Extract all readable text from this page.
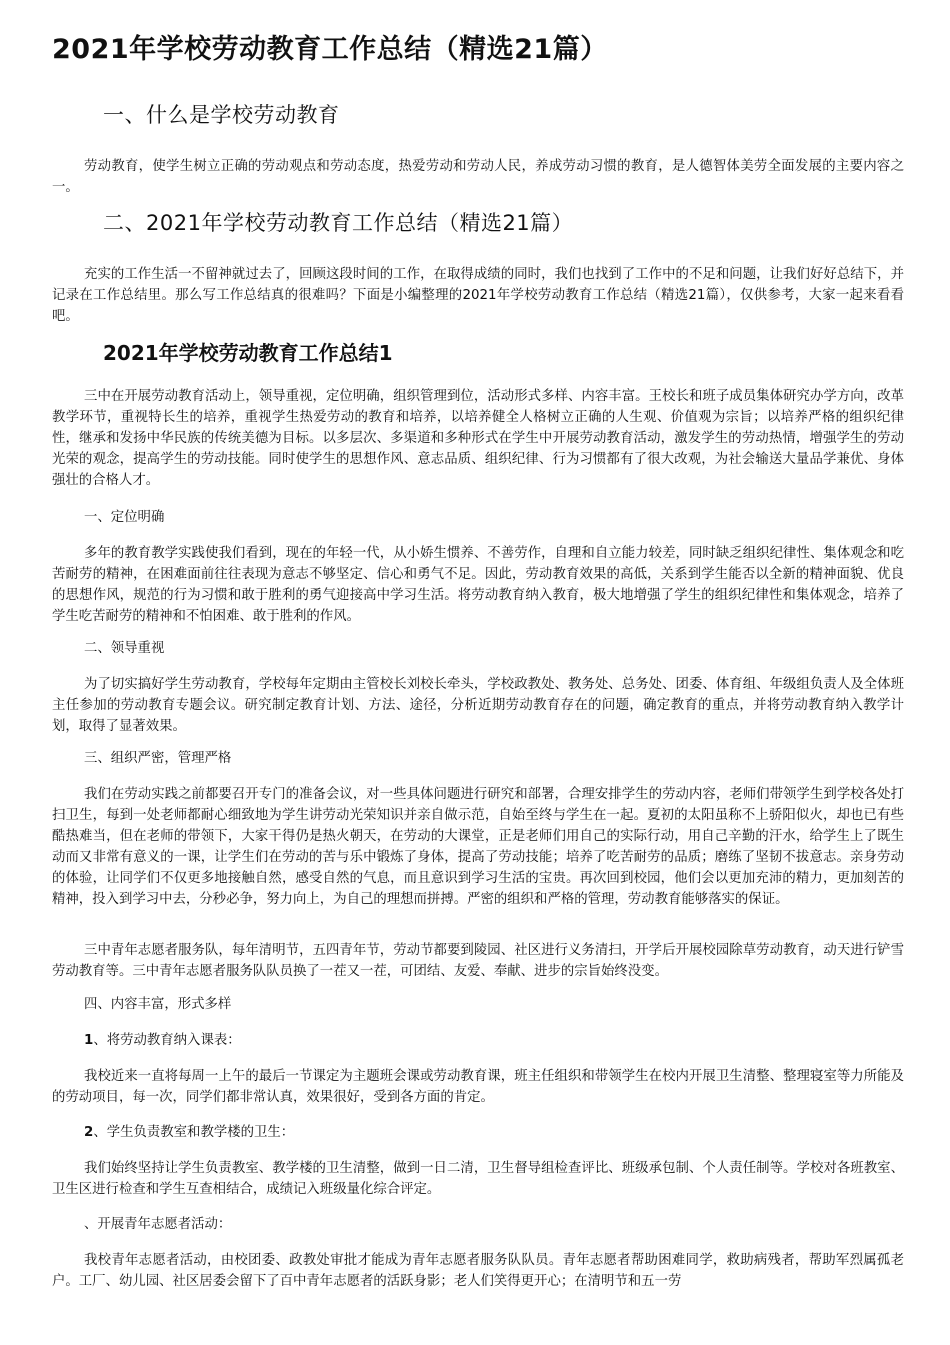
2021年学校劳动教育工作总结（精选21篇）
一、什么是学校劳动教育

劳动教育，使学生树立正确的劳动观点和劳动态度，热爱劳动和劳动人民，养成劳动习惯的教育，是人德智体美劳全面发展的主要内容之一。

二、2021年学校劳动教育工作总结（精选21篇）

充实的工作生活一不留神就过去了，回顾这段时间的工作，在取得成绩的同时，我们也找到了工作中的不足和问题，让我们好好总结下，并记录在工作总结里。那么写工作总结真的很难吗？下面是小编整理的2021年学校劳动教育工作总结（精选21篇），仅供参考，大家一起来看看吧。

2021年学校劳动教育工作总结1

三中在开展劳动教育活动上，领导重视，定位明确，组织管理到位，活动形式多样、内容丰富。王校长和班子成员集体研究办学方向，改革教学环节，重视特长生的培养，重视学生热爱劳动的教育和培养，以培养健全人格树立正确的人生观、价值观为宗旨；以培养严格的组织纪律性，继承和发扬中华民族的传统美德为目标。以多层次、多渠道和多种形式在学生中开展劳动教育活动，激发学生的劳动热情，增强学生的劳动光荣的观念，提高学生的劳动技能。同时使学生的思想作风、意志品质、组织纪律、行为习惯都有了很大改观，为社会输送大量品学兼优、身体强壮的合格人才。

一、定位明确

多年的教育教学实践使我们看到，现在的年轻一代，从小娇生惯养、不善劳作，自理和自立能力较差，同时缺乏组织纪律性、集体观念和吃苦耐劳的精神，在困难面前往往表现为意志不够坚定、信心和勇气不足。因此，劳动教育效果的高低，关系到学生能否以全新的精神面貌、优良的思想作风，规范的行为习惯和敢于胜利的勇气迎接高中学习生活。将劳动教育纳入教育，极大地增强了学生的组织纪律性和集体观念，培养了学生吃苦耐劳的精神和不怕困难、敢于胜利的作风。

二、领导重视

为了切实搞好学生劳动教育，学校每年定期由主管校长刘校长牵头，学校政教处、教务处、总务处、团委、体育组、年级组负责人及全体班主任参加的劳动教育专题会议。研究制定教育计划、方法、途径，分析近期劳动教育存在的问题，确定教育的重点，并将劳动教育纳入教学计划，取得了显著效果。

三、组织严密，管理严格

我们在劳动实践之前都要召开专门的准备会议，对一些具体问题进行研究和部署，合理安排学生的劳动内容，老师们带领学生到学校各处打扫卫生，每到一处老师都耐心细致地为学生讲劳动光荣知识并亲自做示范，自始至终与学生在一起。夏初的太阳虽称不上骄阳似火，却也已有些酷热难当，但在老师的带领下，大家干得仍是热火朝天，在劳动的大课堂，正是老师们用自己的实际行动，用自己辛勤的汗水，给学生上了既生动而又非常有意义的一课，让学生们在劳动的苦与乐中锻炼了身体，提高了劳动技能；培养了吃苦耐劳的品质；磨练了坚韧不拔意志。亲身劳动的体验，让同学们不仅更多地接触自然，感受自然的气息，而且意识到学习生活的宝贵。再次回到校园，他们会以更加充沛的精力，更加刻苦的精神，投入到学习中去，分秒必争，努力向上，为自己的理想而拼搏。严密的组织和严格的管理，劳动教育能够落实的保证。

三中青年志愿者服务队，每年清明节，五四青年节，劳动节都要到陵园、社区进行义务清扫，开学后开展校园除草劳动教育，动天进行铲雪劳动教育等。三中青年志愿者服务队队员换了一茬又一茬，可团结、友爱、奉献、进步的宗旨始终没变。

四、内容丰富，形式多样

1、将劳动教育纳入课表：

我校近来一直将每周一上午的最后一节课定为主题班会课或劳动教育课，班主任组织和带领学生在校内开展卫生清整、整理寝室等力所能及的劳动项目，每一次，同学们都非常认真，效果很好，受到各方面的肯定。

2、学生负责教室和教学楼的卫生：

我们始终坚持让学生负责教室、教学楼的卫生清整，做到一日二清，卫生督导组检查评比、班级承包制、个人责任制等。学校对各班教室、卫生区进行检查和学生互查相结合，成绩记入班级量化综合评定。

、开展青年志愿者活动：

我校青年志愿者活动，由校团委、政教处审批才能成为青年志愿者服务队队员。青年志愿者帮助困难同学，救助病残者，帮助军烈属孤老户。工厂、幼儿园、社区居委会留下了百中青年志愿者的活跃身影；老人们笑得更开心；在清明节和五一劳
